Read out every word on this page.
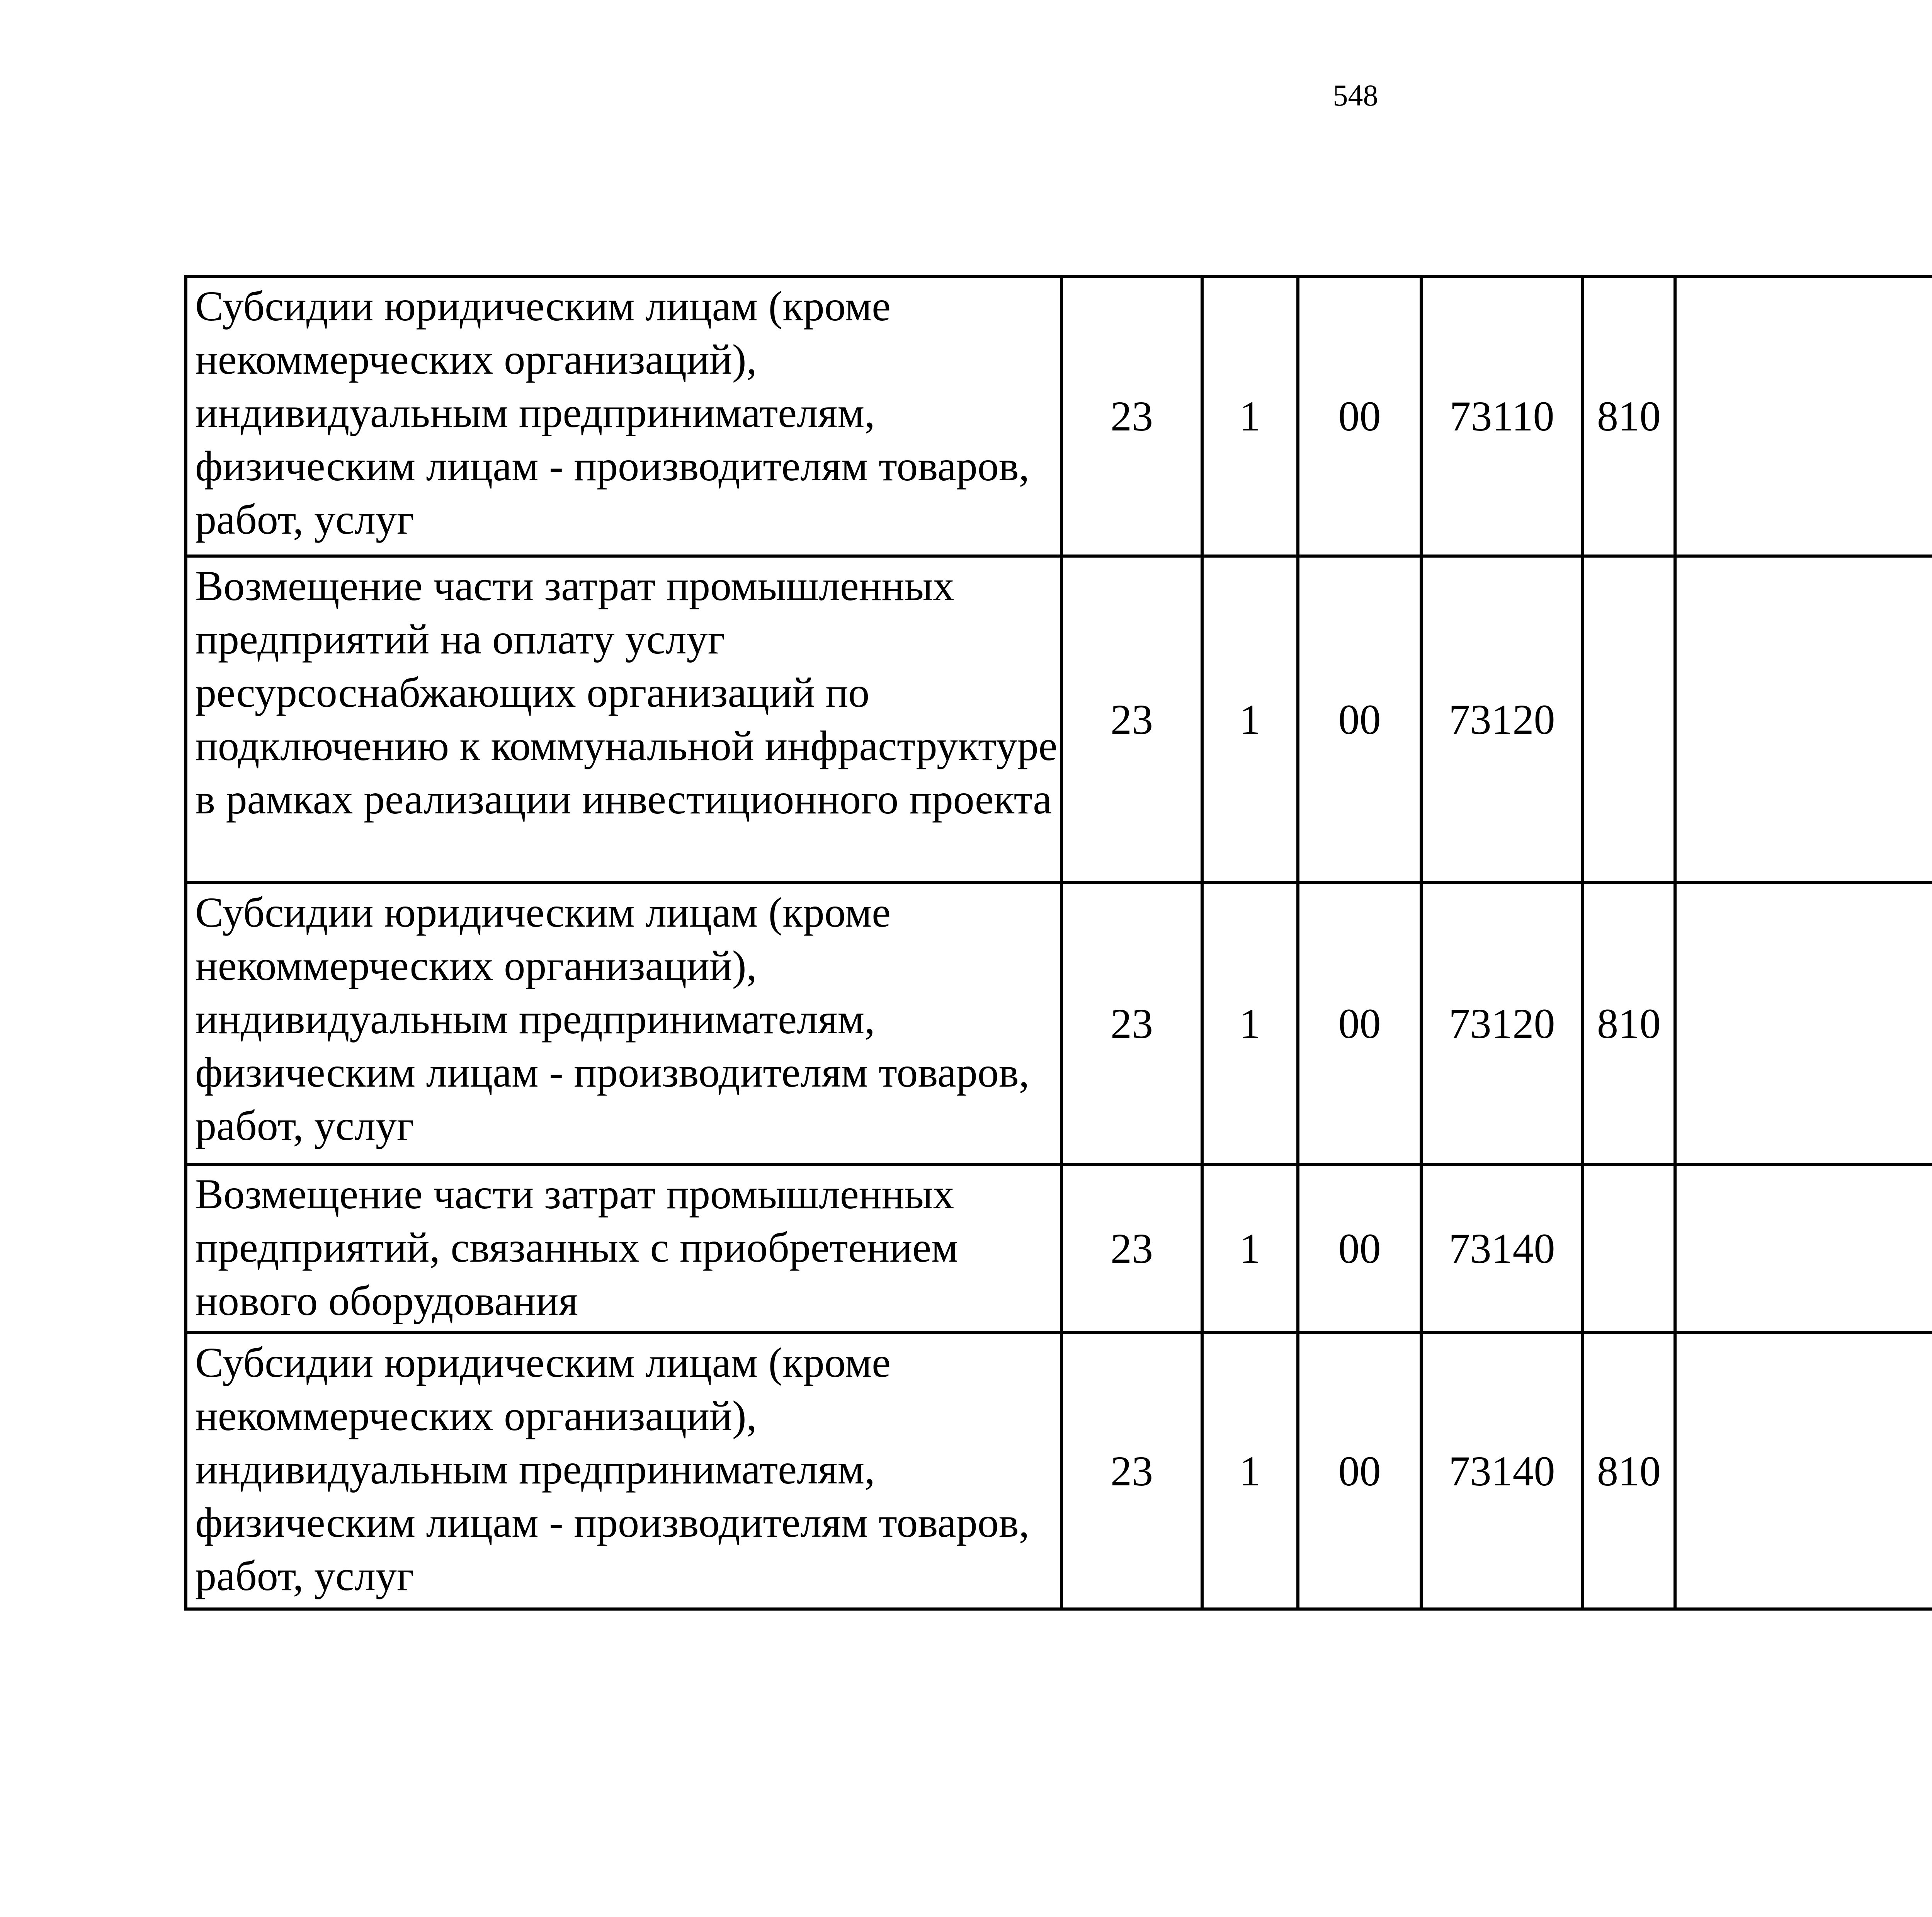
548
Субсидии юридическим лицам (кроме
некоммерческих организаций),
индивидуальным предпринимателям,
физическим лицам - производителям товаров,
работ, услуг	23	1	00	73110	810			

Возмещение части затрат промышленных
предприятий на оплату услуг
ресурсоснабжающих организаций по
подключению к коммунальной инфраструктуре
в рамках реализации инвестиционного проекта	23	1	00	73120				

Субсидии юридическим лицам (кроме
некоммерческих организаций),
индивидуальным предпринимателям,
физическим лицам - производителям товаров,
работ, услуг	23	1	00	73120	810			

Возмещение части затрат промышленных
предприятий, связанных с приобретением
нового оборудования	23	1	00	73140				

Субсидии юридическим лицам (кроме
некоммерческих организаций),
индивидуальным предпринимателям,
физическим лицам - производителям товаров,
работ, услуг	23	1	00	73140	810			
